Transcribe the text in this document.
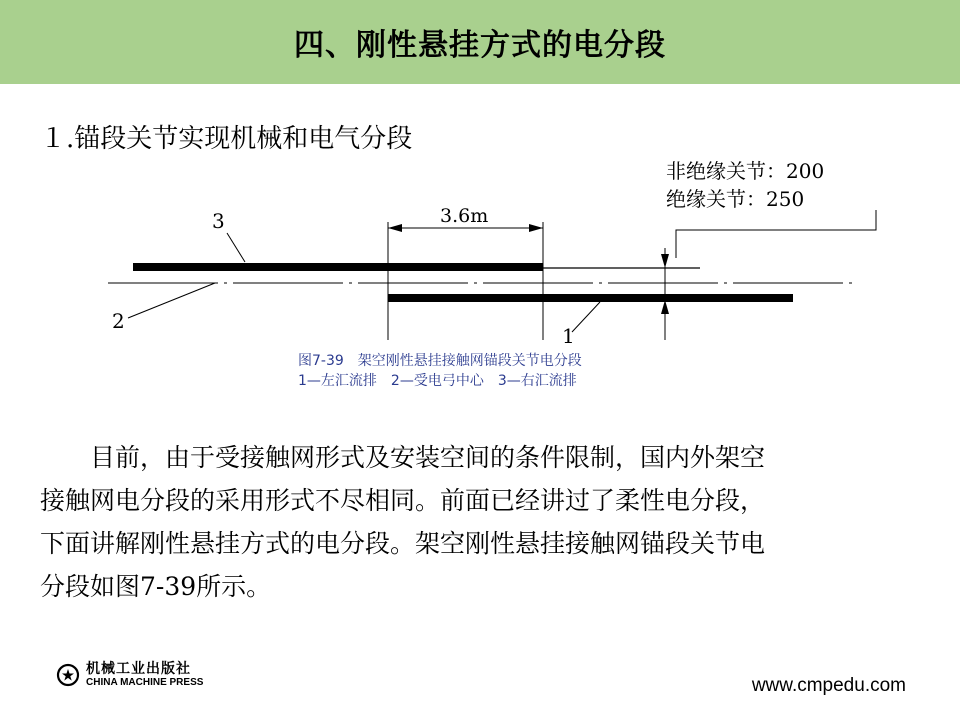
四、刚性悬挂方式的电分段
１.锚段关节实现机械和电气分段
3.6m
3
2
1
非绝缘关节：200
绝缘关节：250
图7-39　架空刚性悬挂接触网锚段关节电分段
1—左汇流排　2—受电弓中心　3—右汇流排

　　目前，由于受接触网形式及安装空间的条件限制，国内外架空

接触网电分段的采用形式不尽相同。前面已经讲过了柔性电分段，

下面讲解刚性悬挂方式的电分段。架空刚性悬挂接触网锚段关节电

分段如图7-39所示。

机械工业出版社
CHINA MACHINE PRESS	www.cmpedu.com
